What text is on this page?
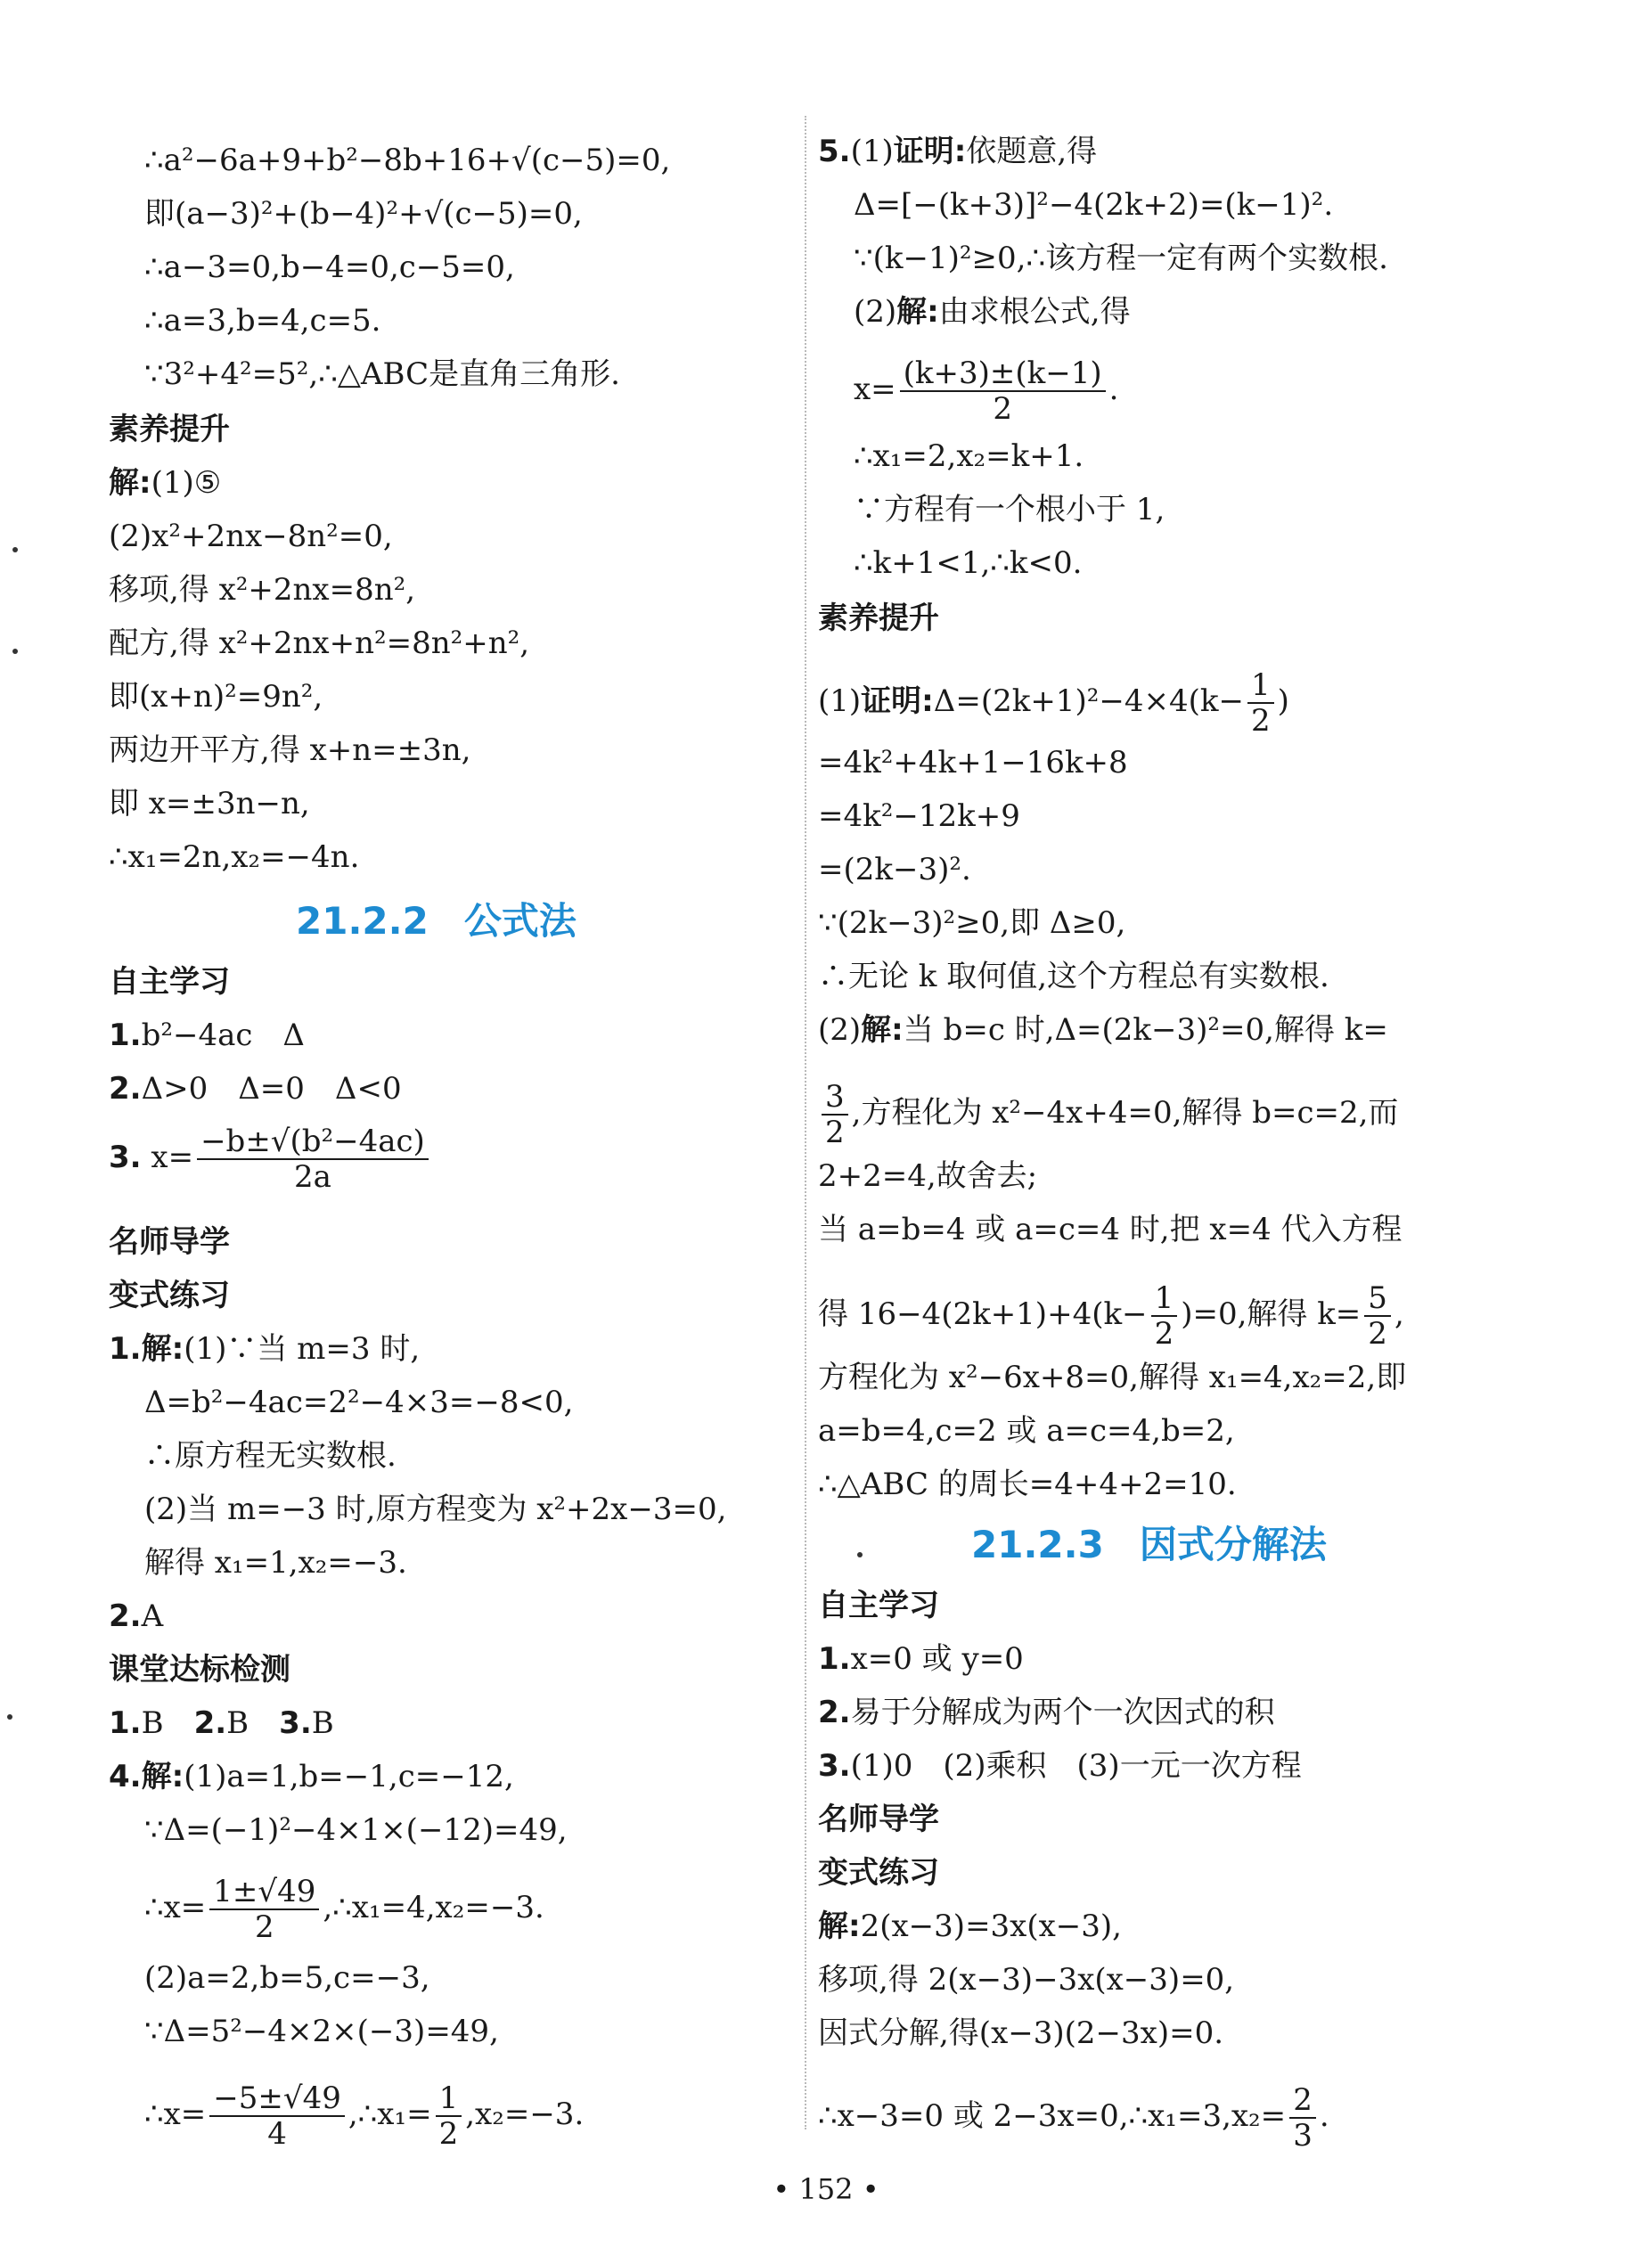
∴a²−6a+9+b²−8b+16+√(c−5)=0,
即(a−3)²+(b−4)²+√(c−5)=0,
∴a−3=0,b−4=0,c−5=0,
∴a=3,b=4,c=5.
∵3²+4²=5²,∴△ABC是直角三角形.
素养提升
解:(1)⑤
(2)x²+2nx−8n²=0,
移项,得 x²+2nx=8n²,
配方,得 x²+2nx+n²=8n²+n²,
即(x+n)²=9n²,
两边开平方,得 x+n=±3n,
即 x=±3n−n,
∴x₁=2n,x₂=−4n.
21.2.2 公式法
自主学习
1.b²−4ac　Δ
2.Δ>0　Δ=0　Δ<0
3. $x= \frac{\text{−b±√(b²−4ac)}}{2a}$
名师导学
变式练习
1.解:(1)∵当 m=3 时,
Δ=b²−4ac=2²−4×3=−8<0,
∴原方程无实数根.
(2)当 m=−3 时,原方程变为 x²+2x−3=0,
解得 x₁=1,x₂=−3.
2.A
课堂达标检测
1.B　2.B　3.B
4.解:(1)a=1,b=−1,c=−12,
∵Δ=(−1)²−4×1×(−12)=49,
∴x= $\frac{1\pm√49}{2}$ ,∴x₁=4,x₂=−3.
(2)a=2,b=5,c=−3,
∵Δ=5²−4×2×(−3)=49,
∴x= $\frac{-5\pm√49}{4}$ ,∴x₁= $\frac{1}{2} ,x_2=-3$.
5.(1)证明:依题意,得
Δ=[−(k+3)]²−4(2k+2)=(k−1)².
∵(k−1)²≥0,∴该方程一定有两个实数根.
(2)解:由求根公式,得
$x= \frac{(k+3)\pm(k-1)}{2}$ .
∴x₁=2,x₂=k+1.
∵方程有一个根小于 1,
∴k+1<1,∴k<0.
素养提升
(1)证明:Δ=(2k+1)²−4×4(k− $\frac{1}{2}$ )
=4k²+4k+1−16k+8
=4k²−12k+9
=(2k−3)².
∵(2k−3)²≥0,即 Δ≥0,
∴无论 k 取何值,这个方程总有实数根.
(2)解:当 b=c 时,Δ=(2k−3)²=0,解得 k=
$\frac{3}{2}$ ,方程化为 x²−4x+4=0,解得 b=c=2,而
2+2=4,故舍去;
当 a=b=4 或 a=c=4 时,把 x=4 代入方程
得 $16-4(2k+1)+4(k- \frac{1}{2} )=0$,解得 $k= \frac{5}{2}$ ,
方程化为 x²−6x+8=0,解得 x₁=4,x₂=2,即
a=b=4,c=2 或 a=c=4,b=2,
∴△ABC 的周长=4+4+2=10.
21.2.3 因式分解法
自主学习
1.x=0 或 y=0
2.易于分解成为两个一次因式的积
3.(1)0　(2)乘积　(3)一元一次方程
名师导学
变式练习
解:2(x−3)=3x(x−3),
移项,得 2(x−3)−3x(x−3)=0,
因式分解,得(x−3)(2−3x)=0.
∴x−3=0 或 2−3x=0,∴x₁=3,x₂= $\frac{2}{3}$ .
• 152 •
